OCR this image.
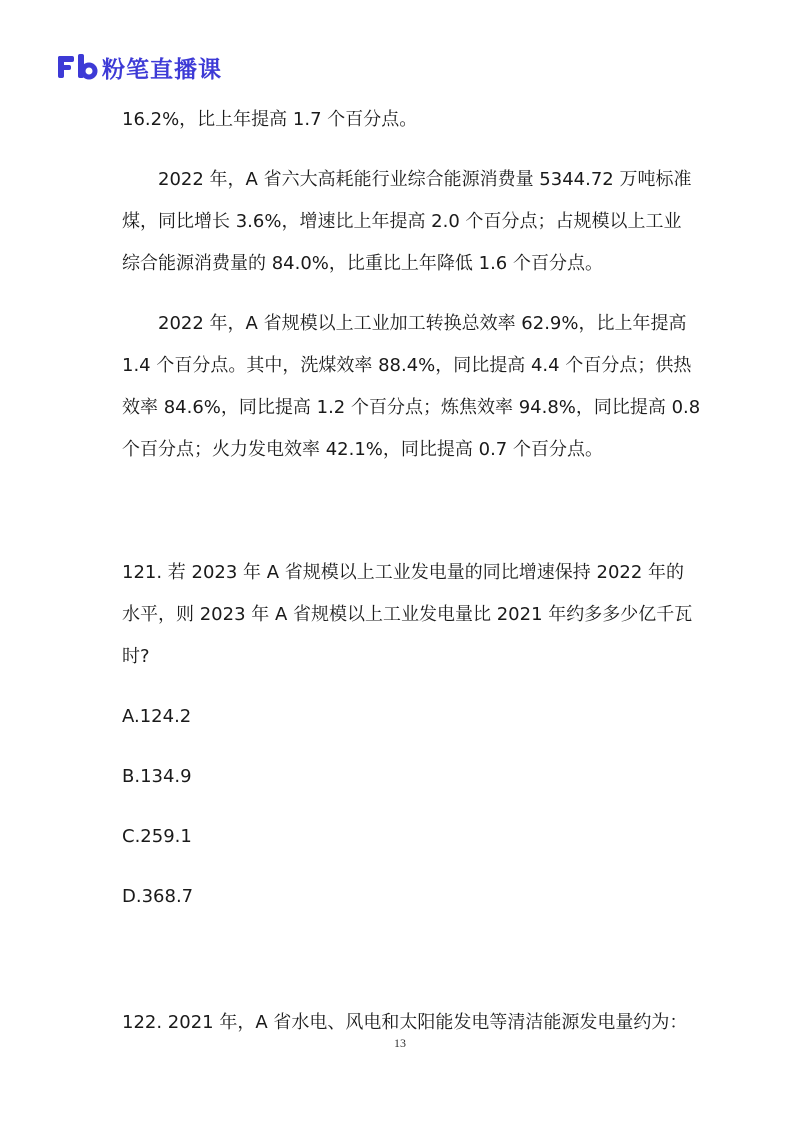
粉笔直播课
16.2%，比上年提高 1.7 个百分点。
2022 年，A 省六大高耗能行业综合能源消费量 5344.72 万吨标准
煤，同比增长 3.6%，增速比上年提高 2.0 个百分点；占规模以上工业
综合能源消费量的 84.0%，比重比上年降低 1.6 个百分点。
2022 年，A 省规模以上工业加工转换总效率 62.9%，比上年提高
1.4 个百分点。其中，洗煤效率 88.4%，同比提高 4.4 个百分点；供热
效率 84.6%，同比提高 1.2 个百分点；炼焦效率 94.8%，同比提高 0.8
个百分点；火力发电效率 42.1%，同比提高 0.7 个百分点。
121. 若 2023 年 A 省规模以上工业发电量的同比增速保持 2022 年的
水平，则 2023 年 A 省规模以上工业发电量比 2021 年约多多少亿千瓦
时?
A.124.2
B.134.9
C.259.1
D.368.7
122. 2021 年，A 省水电、风电和太阳能发电等清洁能源发电量约为：
13
